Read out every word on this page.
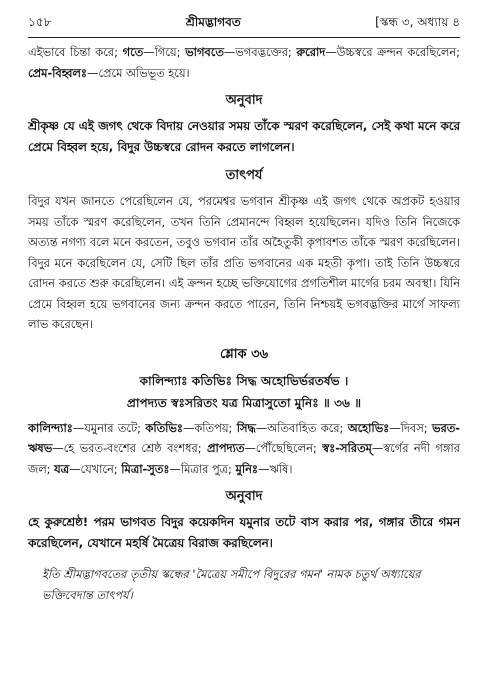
১৫৮	শ্রীমদ্ভাগবত	[স্কন্ধ ৩, অধ্যায় ৪

এইভাবে চিন্তা করে; গতে—গিয়ে; ভাগবতে—ভগবদ্ভক্তের; রুরোদ—উচ্চস্বরে ক্রন্দন করেছিলেন; প্রেম-বিহ্বলঃ—প্রেমে অভিভূত হয়ে।

অনুবাদ

শ্রীকৃষ্ণ যে এই জগৎ থেকে বিদায় নেওয়ার সময় তাঁকে স্মরণ করেছিলেন, সেই কথা মনে করে প্রেমে বিহ্বল হয়ে, বিদুর উচ্চস্বরে রোদন করতে লাগলেন।

তাৎপর্য

বিদুর যখন জানতে পেরেছিলেন যে, পরমেশ্বর ভগবান শ্রীকৃষ্ণ এই জগৎ থেকে অপ্রকট হওয়ার সময় তাঁকে স্মরণ করেছিলেন, তখন তিনি প্রেমানন্দে বিহ্বল হয়েছিলেন। যদিও তিনি নিজেকে অত্যন্ত নগণ্য বলে মনে করতেন, তবুও ভগবান তাঁর অহৈতুকী কৃপাবশত তাঁকে স্মরণ করেছিলেন। বিদুর মনে করেছিলেন যে, সেটি ছিল তাঁর প্রতি ভগবানের এক মহতী কৃপা। তাই তিনি উচ্চস্বরে রোদন করতে শুরু করেছিলেন। এই ক্রন্দন হচ্ছে ভক্তিযোগের প্রগতিশীল মার্গের চরম অবস্থা। যিনি প্রেমে বিহ্বল হয়ে ভগবানের জন্য ক্রন্দন করতে পারেন, তিনি নিশ্চয়ই ভগবদ্ভক্তির মার্গে সাফল্য লাভ করেছেন।

শ্লোক ৩৬
কালিন্দ্যাঃ কতিভিঃ সিদ্ধ অহোভির্ভরতর্ষভ ।
প্রাপদ্যত স্বঃসরিতং যত্র মিত্রাসুতো মুনিঃ ॥ ৩৬ ॥

কালিন্দ্যাঃ—যমুনার তটে; কতিভিঃ—কতিপয়; সিদ্ধ—অতিবাহিত করে; অহোভিঃ—দিবস; ভরত-ঋষভ—হে ভরত-বংশের শ্রেষ্ঠ বংশধর; প্রাপদ্যত—পৌঁছেছিলেন; স্বঃ-সরিতম্—স্বর্গের নদী গঙ্গার জল; যত্র—যেখানে; মিত্রা-সুতঃ—মিত্রার পুত্র; মুনিঃ—ঋষি।

অনুবাদ

হে কুরুশ্রেষ্ঠ! পরম ভাগবত বিদুর কয়েকদিন যমুনার তটে বাস করার পর, গঙ্গার তীরে গমন করেছিলেন, যেখানে মহর্ষি মৈত্রেয় বিরাজ করছিলেন।

ইতি শ্রীমদ্ভাগবতের তৃতীয় স্কন্ধের 'মৈত্রেয় সমীপে বিদুরের গমন' নামক চতুর্থ অধ্যায়ের ভক্তিবেদান্ত তাৎপর্য।
